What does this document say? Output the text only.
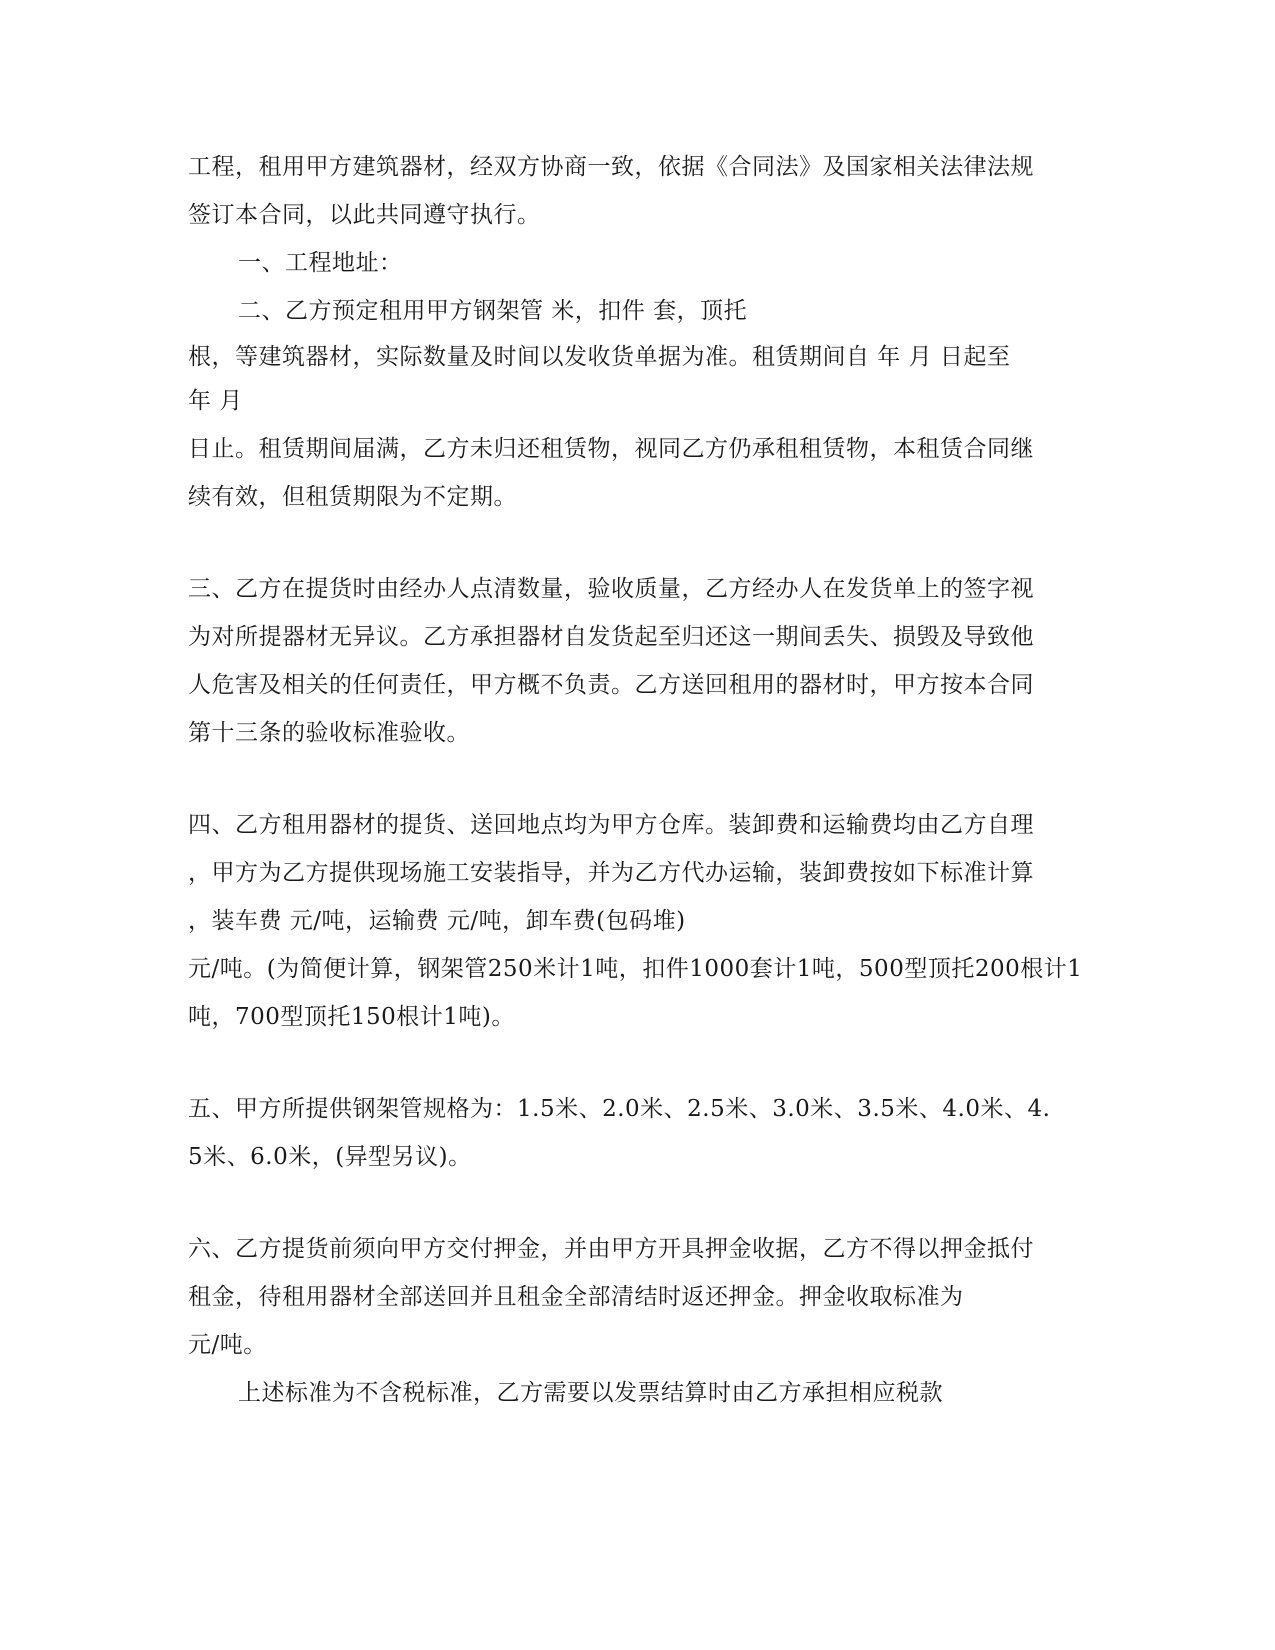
工程，租用甲方建筑器材，经双方协商一致，依据《合同法》及国家相关法律法规
签订本合同，以此共同遵守执行。
一、工程地址：
二、乙方预定租用甲方钢架管 米，扣件 套，顶托
根，等建筑器材，实际数量及时间以发收货单据为准。租赁期间自 年 月 日起至
年 月
日止。租赁期间届满，乙方未归还租赁物，视同乙方仍承租租赁物，本租赁合同继
续有效，但租赁期限为不定期。
三、乙方在提货时由经办人点清数量，验收质量，乙方经办人在发货单上的签字视
为对所提器材无异议。乙方承担器材自发货起至归还这一期间丢失、损毁及导致他
人危害及相关的任何责任，甲方概不负责。乙方送回租用的器材时，甲方按本合同
第十三条的验收标准验收。
四、乙方租用器材的提货、送回地点均为甲方仓库。装卸费和运输费均由乙方自理
，甲方为乙方提供现场施工安装指导，并为乙方代办运输，装卸费按如下标准计算
，装车费 元/吨，运输费 元/吨，卸车费(包码堆)
元/吨。(为简便计算，钢架管250米计1吨，扣件1000套计1吨，500型顶托200根计1
吨，700型顶托150根计1吨)。
五、甲方所提供钢架管规格为：1.5米、2.0米、2.5米、3.0米、3.5米、4.0米、4.
5米、6.0米，(异型另议)。
六、乙方提货前须向甲方交付押金，并由甲方开具押金收据，乙方不得以押金抵付
租金，待租用器材全部送回并且租金全部清结时返还押金。押金收取标准为
元/吨。
上述标准为不含税标准，乙方需要以发票结算时由乙方承担相应税款
